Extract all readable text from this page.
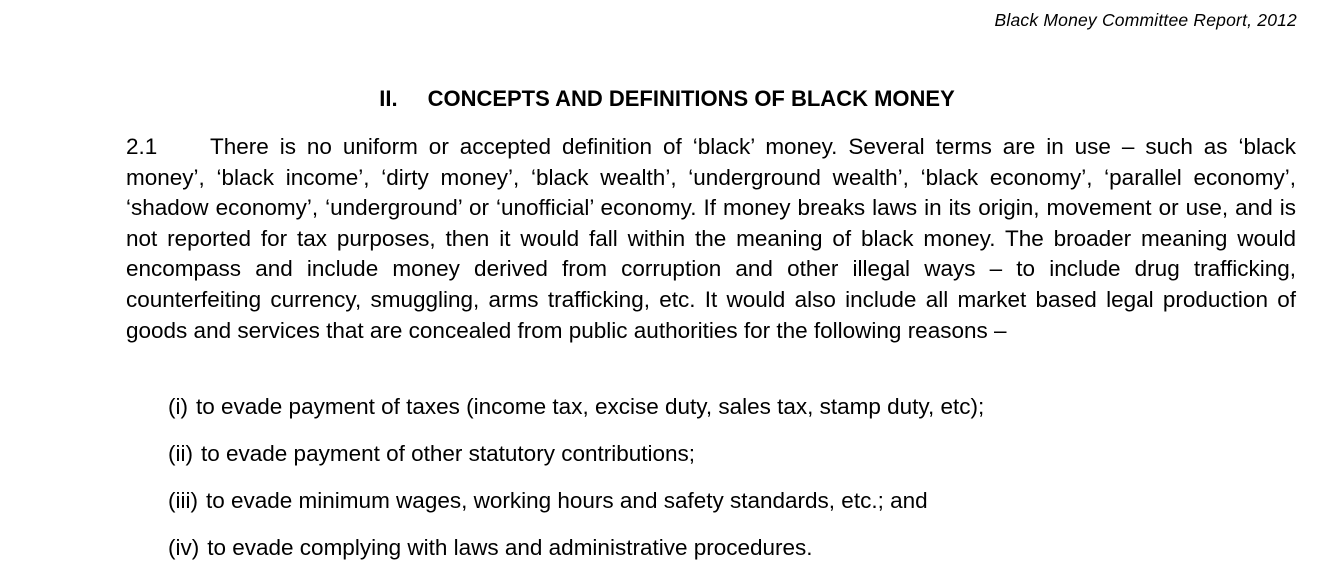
Black Money Committee Report, 2012
II. CONCEPTS AND DEFINITIONS OF BLACK MONEY
2.1 There is no uniform or accepted definition of ‘black’ money. Several terms are in use – such as ‘black money’, ‘black income’, ‘dirty money’, ‘black wealth’, ‘underground wealth’, ‘black economy’, ‘parallel economy’, ‘shadow economy’, ‘underground’ or ‘unofficial’ economy. If money breaks laws in its origin, movement or use, and is not reported for tax purposes, then it would fall within the meaning of black money. The broader meaning would encompass and include money derived from corruption and other illegal ways – to include drug trafficking, counterfeiting currency, smuggling, arms trafficking, etc. It would also include all market based legal production of goods and services that are concealed from public authorities for the following reasons –
(i) to evade payment of taxes (income tax, excise duty, sales tax, stamp duty, etc);
(ii) to evade payment of other statutory contributions;
(iii) to evade minimum wages, working hours and safety standards, etc.; and
(iv) to evade complying with laws and administrative procedures.
